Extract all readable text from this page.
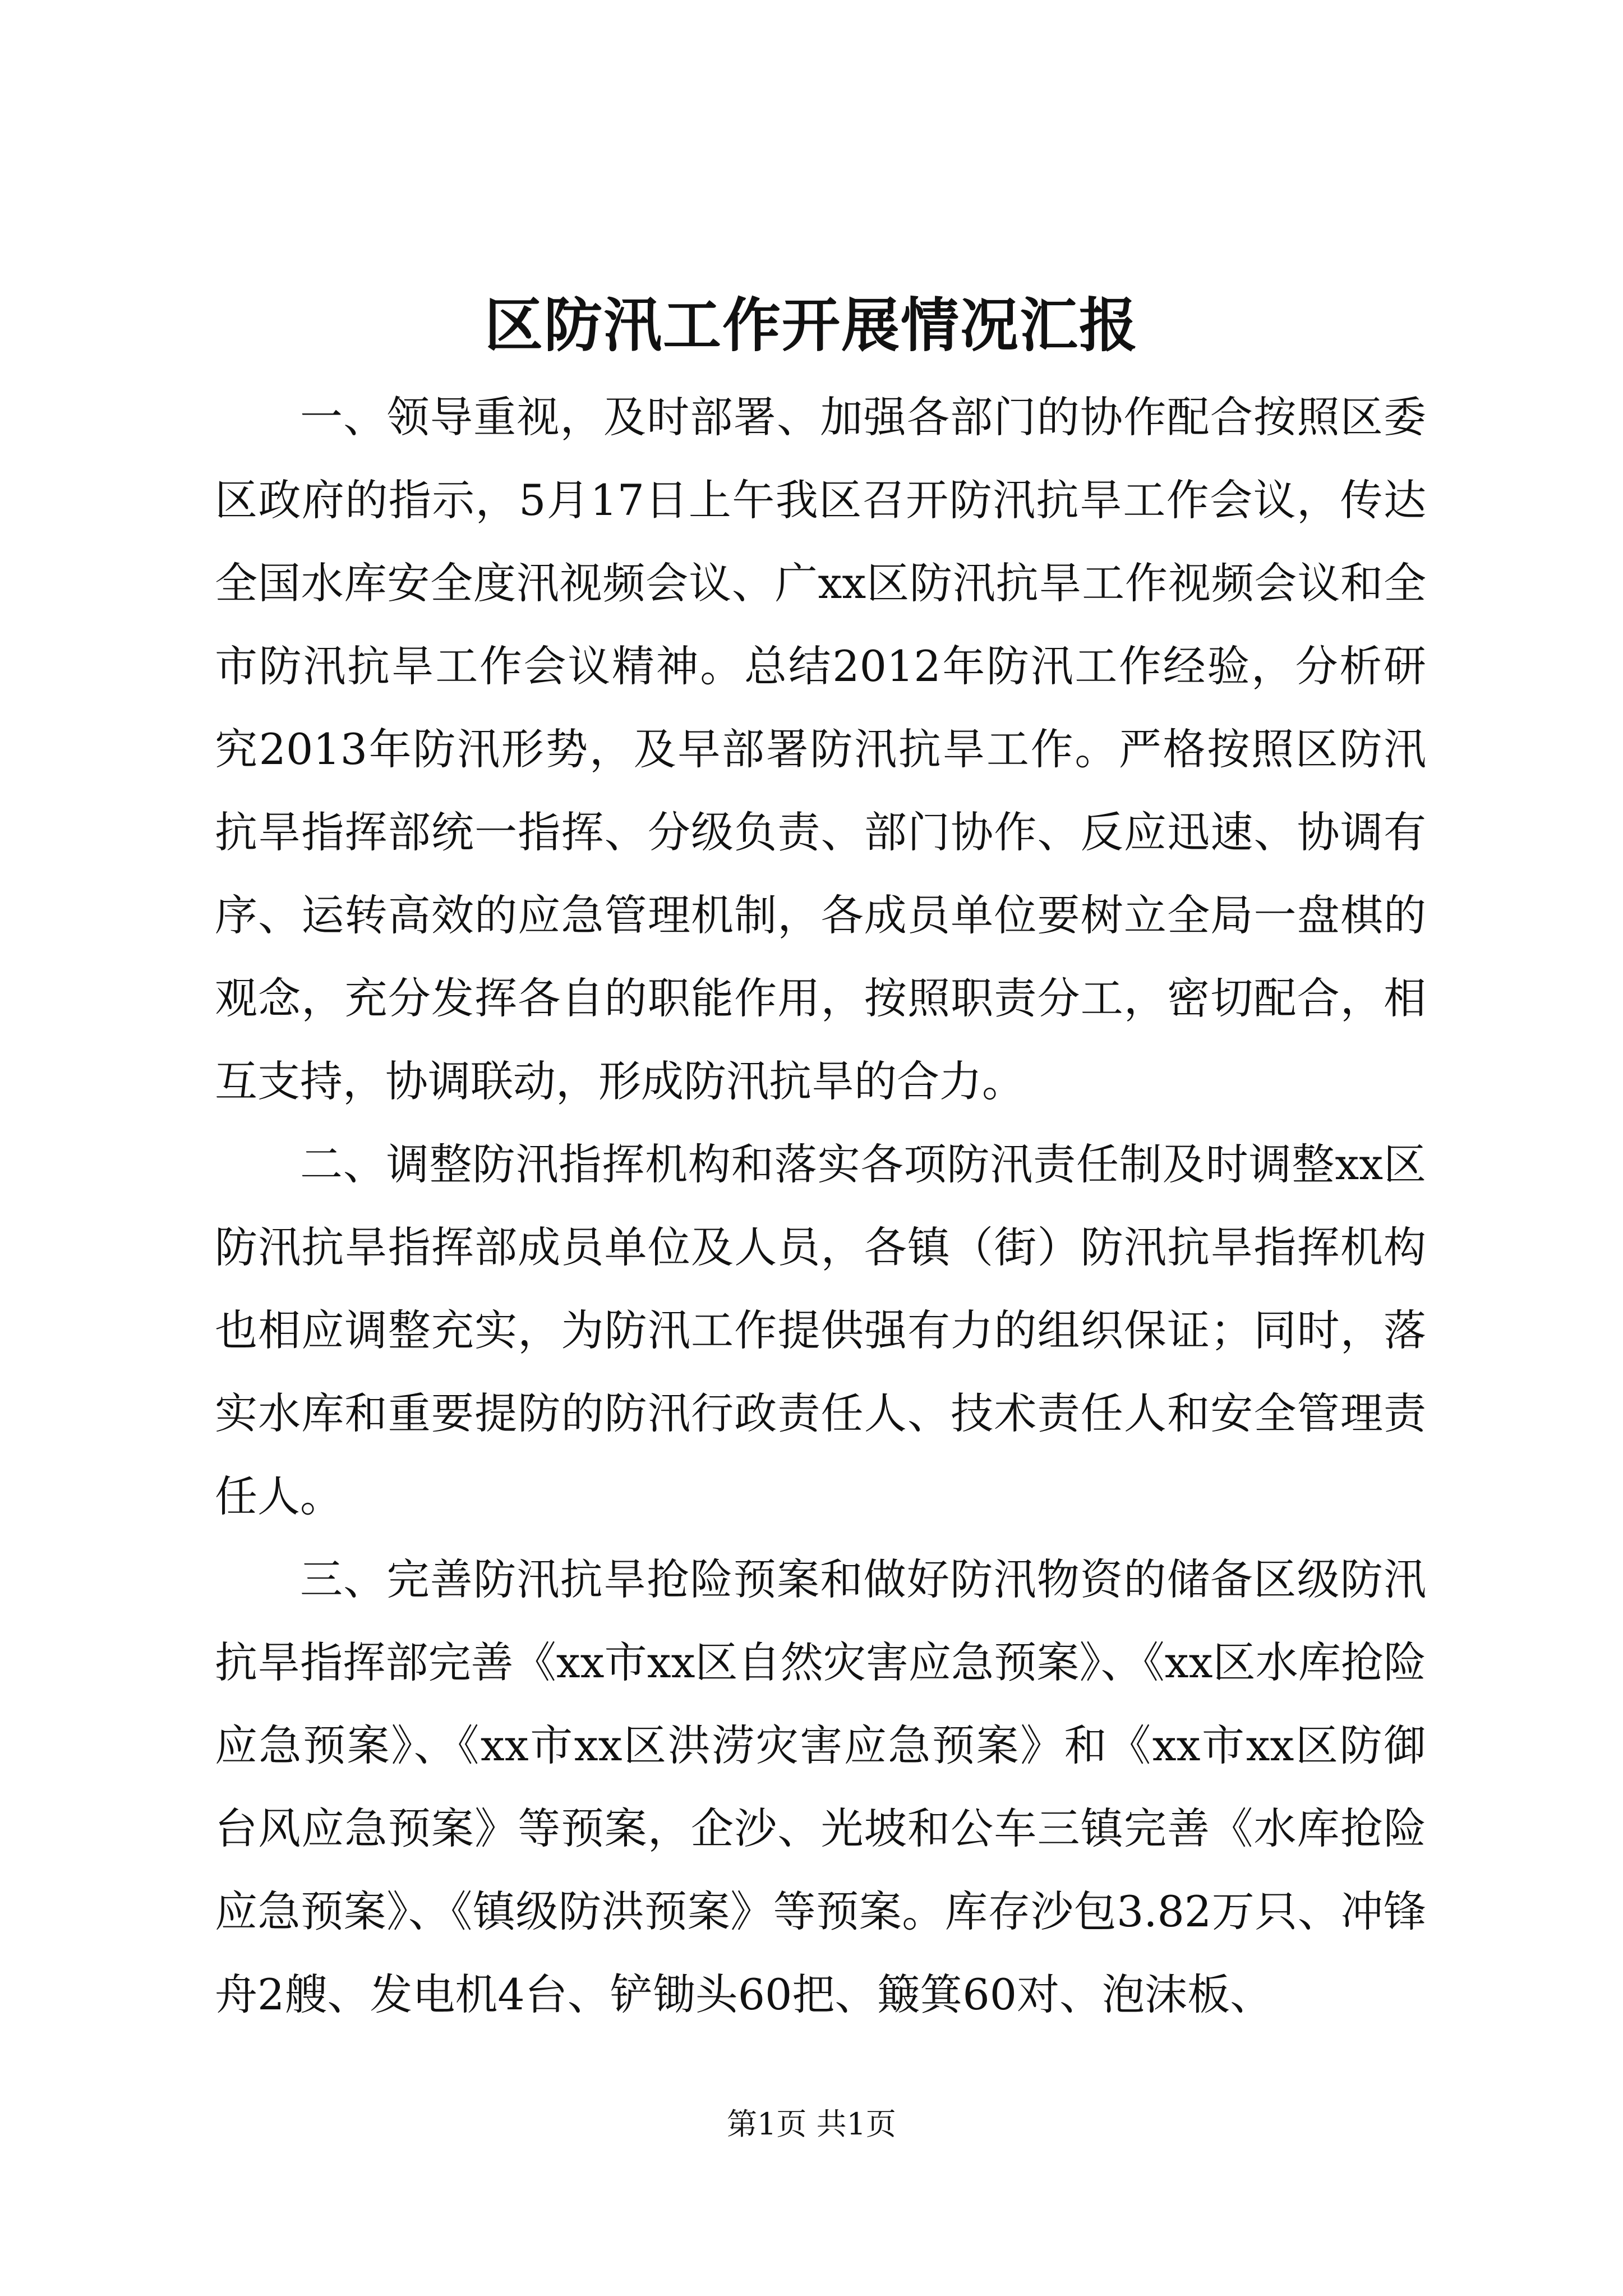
区防汛工作开展情况汇报

一、领导重视，及时部署、加强各部门的协作配合按照区委区政府的指示，5月17日上午我区召开防汛抗旱工作会议，传达全国水库安全度汛视频会议、广xx区防汛抗旱工作视频会议和全市防汛抗旱工作会议精神。总结2012年防汛工作经验，分析研究2013年防汛形势，及早部署防汛抗旱工作。严格按照区防汛抗旱指挥部统一指挥、分级负责、部门协作、反应迅速、协调有序、运转高效的应急管理机制，各成员单位要树立全局一盘棋的观念，充分发挥各自的职能作用，按照职责分工，密切配合，相互支持，协调联动，形成防汛抗旱的合力。

二、调整防汛指挥机构和落实各项防汛责任制及时调整xx区防汛抗旱指挥部成员单位及人员，各镇（街）防汛抗旱指挥机构也相应调整充实，为防汛工作提供强有力的组织保证；同时，落实水库和重要提防的防汛行政责任人、技术责任人和安全管理责任人。

三、完善防汛抗旱抢险预案和做好防汛物资的储备区级防汛抗旱指挥部完善《xx市xx区自然灾害应急预案》、《xx区水库抢险应急预案》、《xx市xx区洪涝灾害应急预案》和《xx市xx区防御台风应急预案》等预案，企沙、光坡和公车三镇完善《水库抢险应急预案》、《镇级防洪预案》等预案。库存沙包3.82万只、冲锋舟2艘、发电机4台、铲锄头60把、簸箕60对、泡沫板、

第1页 共1页
